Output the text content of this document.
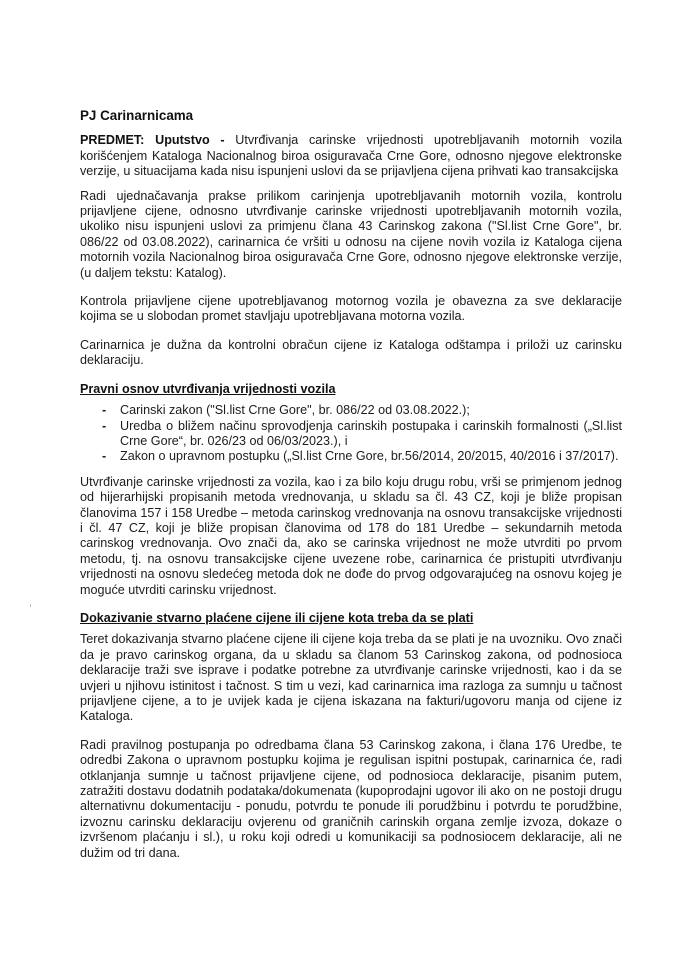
PJ Carinarnicama

PREDMET: Uputstvo - Utvrđivanja carinske vrijednosti upotrebljavanih motornih vozila korišćenjem Kataloga Nacionalnog biroa osiguravača Crne Gore, odnosno njegove elektronske verzije, u situacijama kada nisu ispunjeni uslovi da se prijavljena cijena prihvati kao transakcijska

Radi ujednačavanja prakse prilikom carinjenja upotrebljavanih motornih vozila, kontrolu prijavljene cijene, odnosno utvrđivanje carinske vrijednosti upotrebljavanih motornih vozila, ukoliko nisu ispunjeni uslovi za primjenu člana 43 Carinskog zakona ("Sl.list Crne Gore", br. 086/22 od 03.08.2022), carinarnica će vršiti u odnosu na cijene novih vozila iz Kataloga cijena motornih vozila Nacionalnog biroa osiguravača Crne Gore, odnosno njegove elektronske verzije, (u daljem tekstu: Katalog).

Kontrola prijavljene cijene upotrebljavanog motornog vozila je obavezna za sve deklaracije kojima se u slobodan promet stavljaju upotrebljavana motorna vozila.

Carinarnica je dužna da kontrolni obračun cijene iz Kataloga odštampa i priloži uz carinsku deklaraciju.

Pravni osnov utvrđivanja vrijednosti vozila
- Carinski zakon ("Sl.list Crne Gore", br. 086/22 od 03.08.2022.);
- Uredba o bližem načinu sprovodjenja carinskih postupaka i carinskih formalnosti („Sl.list Crne Gore“, br. 026/23 od 06/03/2023.), i
- Zakon o upravnom postupku („Sl.list Crne Gore, br.56/2014, 20/2015, 40/2016 i 37/2017).

Utvrđivanje carinske vrijednosti za vozila, kao i za bilo koju drugu robu, vrši se primjenom jednog od hijerarhijski propisanih metoda vrednovanja, u skladu sa čl. 43 CZ, koji je bliže propisan članovima 157 i 158 Uredbe – metoda carinskog vrednovanja na osnovu transakcijske vrijednosti i čl. 47 CZ, koji je bliže propisan članovima od 178 do 181 Uredbe – sekundarnih metoda carinskog vrednovanja. Ovo znači da, ako se carinska vrijednost ne može utvrditi po prvom metodu, tj. na osnovu transakcijske cijene uvezene robe, carinarnica će pristupiti utvrđivanju vrijednosti na osnovu sledećeg metoda dok ne dođe do prvog odgovarajućeg na osnovu kojeg je moguće utvrditi carinsku vrijednost.

Dokazivanie stvarno plaćene cijene ili cijene kota treba da se plati

Teret dokazivanja stvarno plaćene cijene ili cijene koja treba da se plati je na uvozniku. Ovo znači da je pravo carinskog organa, da u skladu sa članom 53 Carinskog zakona, od podnosioca deklaracije traži sve isprave i podatke potrebne za utvrđivanje carinske vrijednosti, kao i da se uvjeri u njihovu istinitost i tačnost. S tim u vezi, kad carinarnica ima razloga za sumnju u tačnost prijavljene cijene, a to je uvijek kada je cijena iskazana na fakturi/ugovoru manja od cijene iz Kataloga.

Radi pravilnog postupanja po odredbama člana 53 Carinskog zakona, i člana 176 Uredbe, te odredbi Zakona o upravnom postupku kojima je regulisan ispitni postupak, carinarnica će, radi otklanjanja sumnje u tačnost prijavljene cijene, od podnosioca deklaracije, pisanim putem, zatražiti dostavu dodatnih podataka/dokumenata (kupoprodajni ugovor ili ako on ne postoji drugu alternativnu dokumentaciju - ponudu, potvrdu te ponude ili porudžbinu i potvrdu te porudžbine, izvoznu carinsku deklaraciju ovjerenu od graničnih carinskih organa zemlje izvoza, dokaze o izvršenom plaćanju i sl.), u roku koji odredi u komunikaciji sa podnosiocem deklaracije, ali ne dužim od tri dana.
